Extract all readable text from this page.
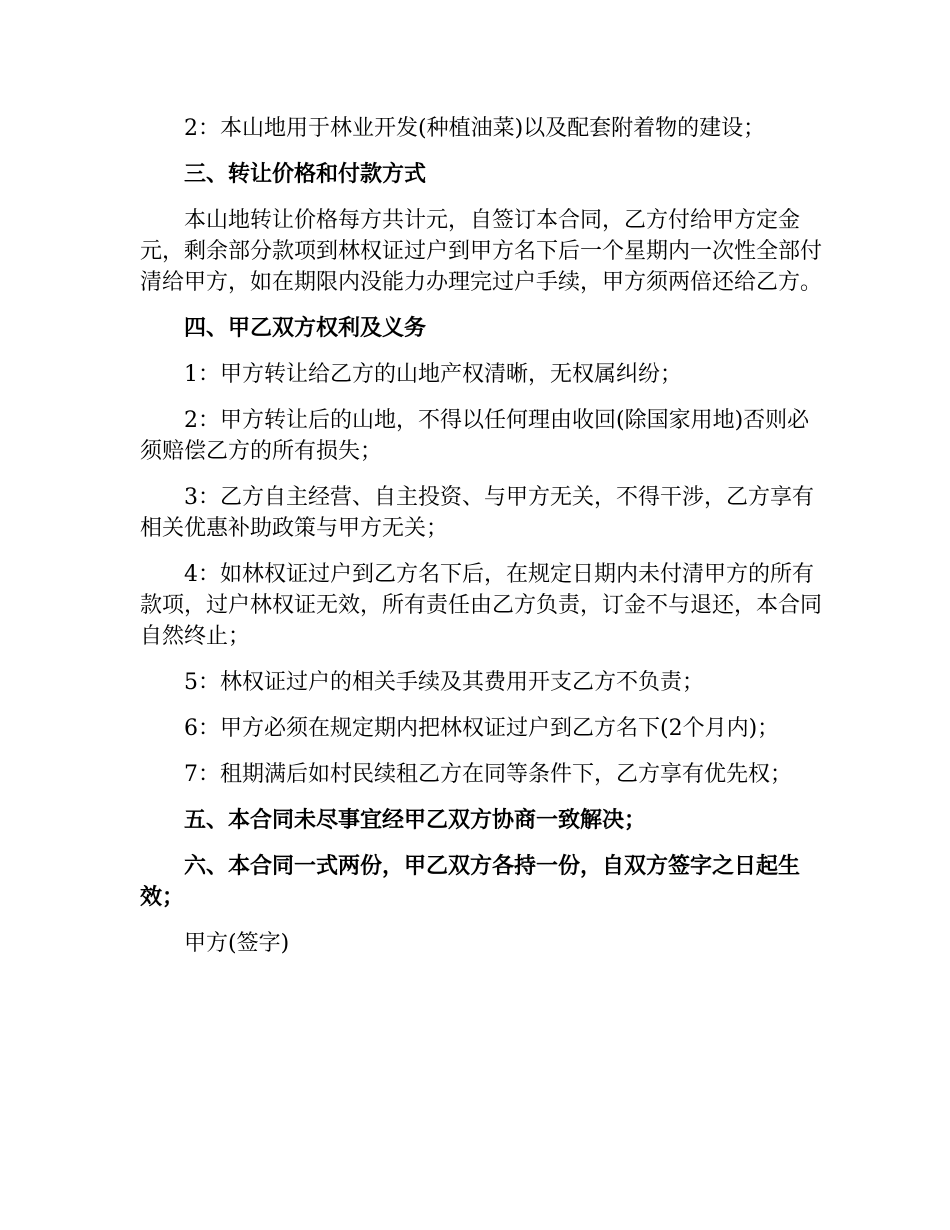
2：本山地用于林业开发(种植油菜)以及配套附着物的建设；

三、转让价格和付款方式

本山地转让价格每方共计元，自签订本合同，乙方付给甲方定金元，剩余部分款项到林权证过户到甲方名下后一个星期内一次性全部付清给甲方，如在期限内没能力办理完过户手续，甲方须两倍还给乙方。

四、甲乙双方权利及义务

1：甲方转让给乙方的山地产权清晰，无权属纠纷；

2：甲方转让后的山地，不得以任何理由收回(除国家用地)否则必须赔偿乙方的所有损失；

3：乙方自主经营、自主投资、与甲方无关，不得干涉，乙方享有相关优惠补助政策与甲方无关；

4：如林权证过户到乙方名下后，在规定日期内未付清甲方的所有款项，过户林权证无效，所有责任由乙方负责，订金不与退还，本合同自然终止；

5：林权证过户的相关手续及其费用开支乙方不负责；

6：甲方必须在规定期内把林权证过户到乙方名下(2个月内)；

7：租期满后如村民续租乙方在同等条件下，乙方享有优先权；

五、本合同未尽事宜经甲乙双方协商一致解决；

六、本合同一式两份，甲乙双方各持一份，自双方签字之日起生效；

甲方(签字)
